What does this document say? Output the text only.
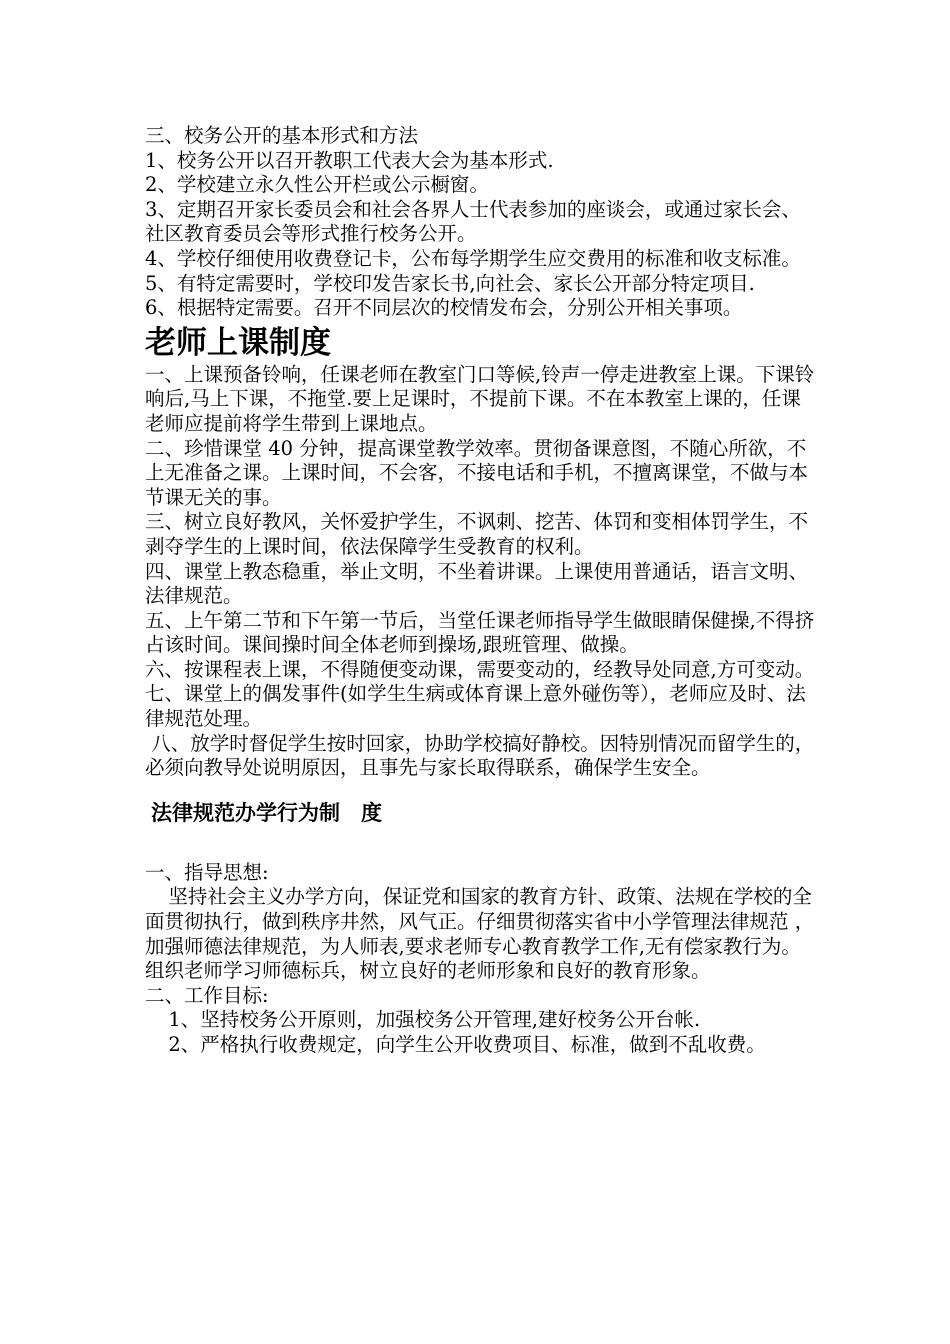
三、校务公开的基本形式和方法

1、校务公开以召开教职工代表大会为基本形式.

2、学校建立永久性公开栏或公示橱窗。

3、定期召开家长委员会和社会各界人士代表参加的座谈会，或通过家长会、社区教育委员会等形式推行校务公开。

4、学校仔细使用收费登记卡，公布每学期学生应交费用的标准和收支标准。

5、有特定需要时，学校印发告家长书,向社会、家长公开部分特定项目.

6、根据特定需要。召开不同层次的校情发布会，分别公开相关事项。

老师上课制度

一、上课预备铃响，任课老师在教室门口等候,铃声一停走进教室上课。下课铃响后,马上下课，不拖堂.要上足课时，不提前下课。不在本教室上课的，任课老师应提前将学生带到上课地点。

二、珍惜课堂 40 分钟，提高课堂教学效率。贯彻备课意图，不随心所欲，不上无准备之课。上课时间，不会客，不接电话和手机，不擅离课堂，不做与本节课无关的事。

三、树立良好教风，关怀爱护学生，不讽刺、挖苦、体罚和变相体罚学生，不剥夺学生的上课时间，依法保障学生受教育的权利。

四、课堂上教态稳重，举止文明，不坐着讲课。上课使用普通话，语言文明、法律规范。

五、上午第二节和下午第一节后，当堂任课老师指导学生做眼睛保健操,不得挤占该时间。课间操时间全体老师到操场,跟班管理、做操。

六、按课程表上课，不得随便变动课，需要变动的，经教导处同意,方可变动。

七、课堂上的偶发事件(如学生生病或体育课上意外碰伤等），老师应及时、法律规范处理。

八、放学时督促学生按时回家，协助学校搞好静校。因特别情况而留学生的，必须向教导处说明原因，且事先与家长取得联系，确保学生安全。

法律规范办学行为制　度

一、指导思想:

坚持社会主义办学方向，保证党和国家的教育方针、政策、法规在学校的全面贯彻执行，做到秩序井然，风气正。仔细贯彻落实省中小学管理法律规范 ，加强师德法律规范，为人师表,要求老师专心教育教学工作,无有偿家教行为。组织老师学习师德标兵，树立良好的老师形象和良好的教育形象。

二、工作目标:

1、坚持校务公开原则，加强校务公开管理,建好校务公开台帐.

2、严格执行收费规定，向学生公开收费项目、标准，做到不乱收费。
